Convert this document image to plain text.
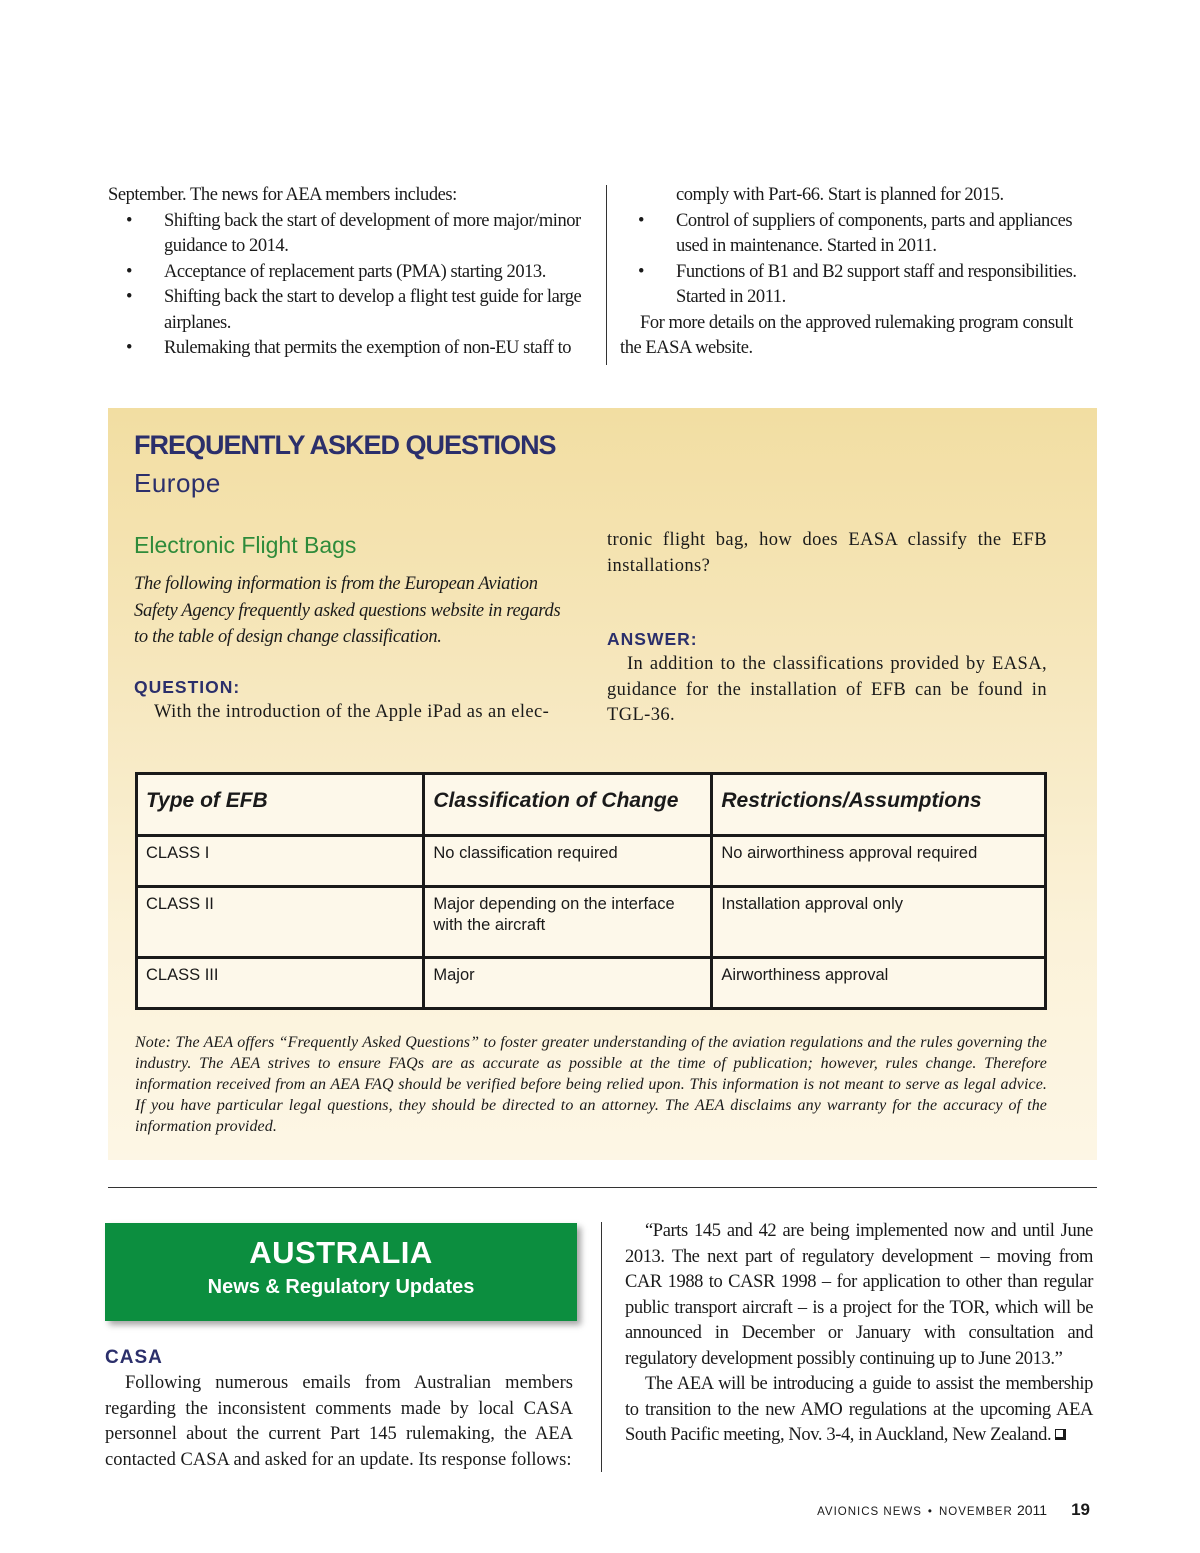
September. The news for AEA members includes:

• Shifting back the start of development of more major/minor guidance to 2014.
• Acceptance of replacement parts (PMA) starting 2013.
• Shifting back the start to develop a flight test guide for large airplanes.
• Rulemaking that permits the exemption of non-EU staff to

comply with Part-66. Start is planned for 2015.

• Control of suppliers of components, parts and appliances used in maintenance. Started in 2011.
• Functions of B1 and B2 support staff and responsibilities. Started in 2011.

For more details on the approved rulemaking program consult the EASA website.

FREQUENTLY ASKED QUESTIONS
Europe
Electronic Flight Bags

The following information is from the European Aviation Safety Agency frequently asked questions website in regards to the table of design change classification.

QUESTION:

With the introduction of the Apple iPad as an elec-

tronic flight bag, how does EASA classify the EFB installations?

ANSWER:

In addition to the classifications provided by EASA, guidance for the installation of EFB can be found in TGL-36.

Type of EFB	Classification of Change	Restrictions/Assumptions
CLASS I	No classification required	No airworthiness approval required
CLASS II	Major depending on the interface with the aircraft	Installation approval only
CLASS III	Major	Airworthiness approval

Note: The AEA offers “Frequently Asked Questions” to foster greater understanding of the aviation regulations and the rules governing the industry. The AEA strives to ensure FAQs are as accurate as possible at the time of publication; however, rules change. Therefore information received from an AEA FAQ should be verified before being relied upon. This information is not meant to serve as legal advice. If you have particular legal questions, they should be directed to an attorney. The AEA disclaims any warranty for the accuracy of the information provided.

AUSTRALIA
News & Regulatory Updates
CASA

Following numerous emails from Australian members regarding the inconsistent comments made by local CASA personnel about the current Part 145 rulemaking, the AEA contacted CASA and asked for an update. Its response follows:

“Parts 145 and 42 are being implemented now and until June 2013. The next part of regulatory development – moving from CAR 1988 to CASR 1998 – for application to other than regular public transport aircraft – is a project for the TOR, which will be announced in December or January with consultation and regulatory development possibly continuing up to June 2013.”

The AEA will be introducing a guide to assist the membership to transition to the new AMO regulations at the upcoming AEA South Pacific meeting, Nov. 3-4, in Auckland, New Zealand.

AVIONICS NEWS • NOVEMBER 2011 19
